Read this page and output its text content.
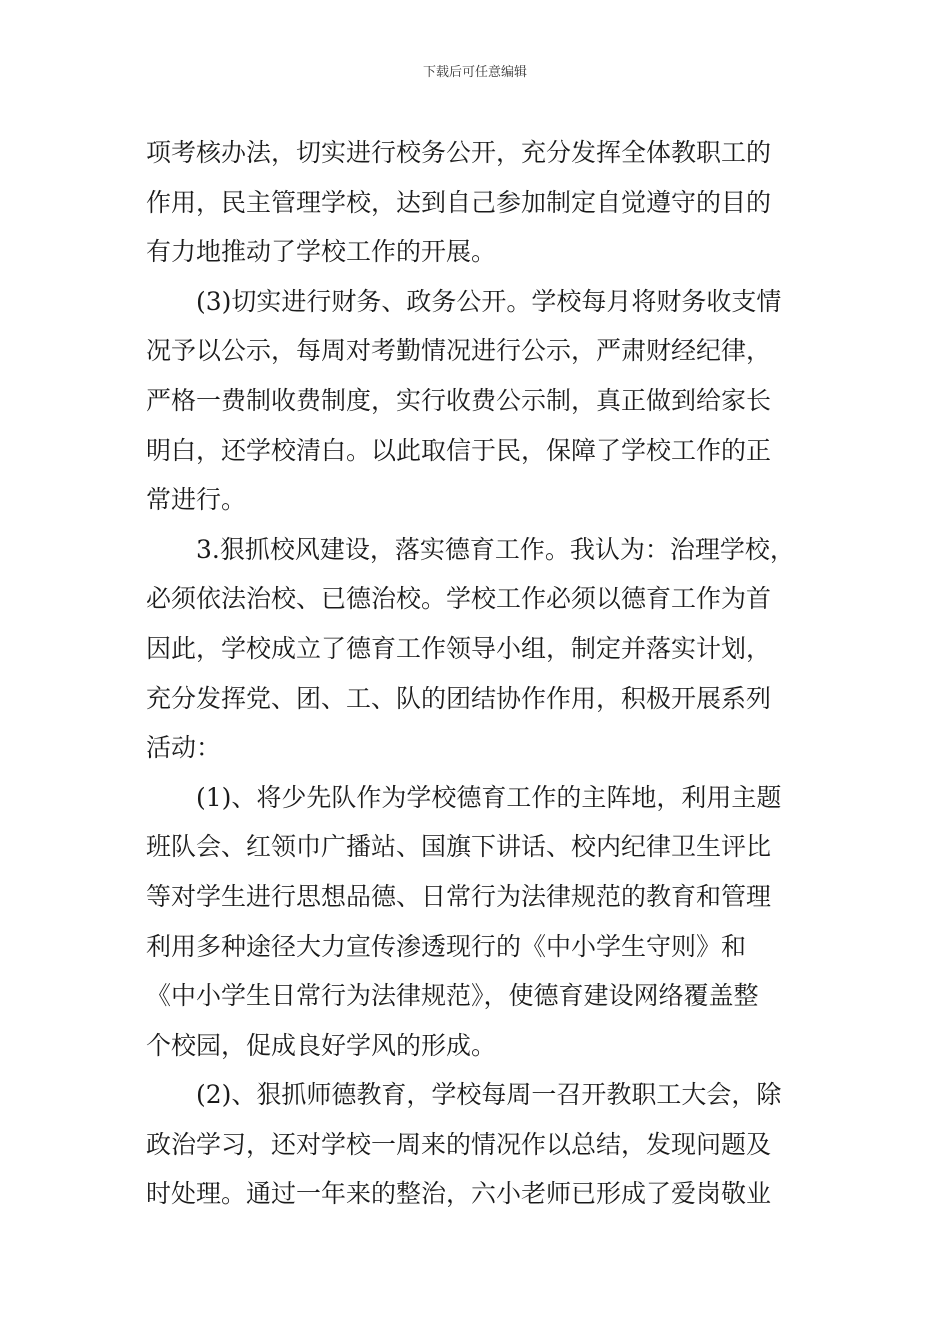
下载后可任意编辑
项考核办法，切实进行校务公开，充分发挥全体教职工的
作用，民主管理学校，达到自己参加制定自觉遵守的目的
有力地推动了学校工作的开展。
(3)切实进行财务、政务公开。学校每月将财务收支情
况予以公示，每周对考勤情况进行公示，严肃财经纪律，
严格一费制收费制度，实行收费公示制，真正做到给家长
明白，还学校清白。以此取信于民，保障了学校工作的正
常进行。
3.狠抓校风建设，落实德育工作。我认为：治理学校，
必须依法治校、已德治校。学校工作必须以德育工作为首
因此，学校成立了德育工作领导小组，制定并落实计划，
充分发挥党、团、工、队的团结协作作用，积极开展系列
活动：
(1)、将少先队作为学校德育工作的主阵地，利用主题
班队会、红领巾广播站、国旗下讲话、校内纪律卫生评比
等对学生进行思想品德、日常行为法律规范的教育和管理
利用多种途径大力宣传渗透现行的《中小学生守则》和
《中小学生日常行为法律规范》，使德育建设网络覆盖整
个校园，促成良好学风的形成。
(2)、狠抓师德教育，学校每周一召开教职工大会，除
政治学习，还对学校一周来的情况作以总结，发现问题及
时处理。通过一年来的整治，六小老师已形成了爱岗敬业
